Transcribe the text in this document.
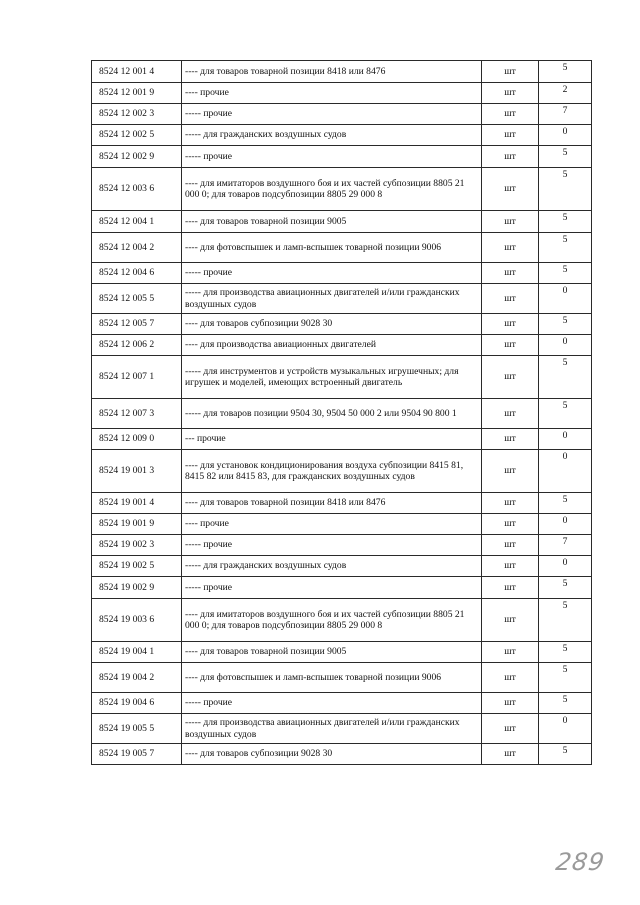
8524 12 001 4	---- для товаров товарной позиции 8418 или 8476	шт	5
8524 12 001 9	---- прочие	шт	2
8524 12 002 3	----- прочие	шт	7
8524 12 002 5	----- для гражданских воздушных судов	шт	0
8524 12 002 9	----- прочие	шт	5
8524 12 003 6	---- для имитаторов воздушного боя и их частей субпозиции 8805 21 000 0; для товаров подсубпозиции 8805 29 000 8	шт	5
8524 12 004 1	---- для товаров товарной позиции 9005	шт	5
8524 12 004 2	---- для фотовспышек и ламп-вспышек товарной позиции 9006	шт	5
8524 12 004 6	----- прочие	шт	5
8524 12 005 5	----- для производства авиационных двигателей и/или гражданских воздушных судов	шт	0
8524 12 005 7	---- для товаров субпозиции 9028 30	шт	5
8524 12 006 2	---- для производства авиационных двигателей	шт	0
8524 12 007 1	----- для инструментов и устройств музыкальных игрушечных; для игрушек и моделей, имеющих встроенный двигатель	шт	5
8524 12 007 3	----- для товаров позиции 9504 30, 9504 50 000 2 или 9504 90 800 1	шт	5
8524 12 009 0	--- прочие	шт	0
8524 19 001 3	---- для установок кондиционирования воздуха субпозиции 8415 81, 8415 82 или 8415 83, для гражданских воздушных судов	шт	0
8524 19 001 4	---- для товаров товарной позиции 8418 или 8476	шт	5
8524 19 001 9	---- прочие	шт	0
8524 19 002 3	----- прочие	шт	7
8524 19 002 5	----- для гражданских воздушных судов	шт	0
8524 19 002 9	----- прочие	шт	5
8524 19 003 6	---- для имитаторов воздушного боя и их частей субпозиции 8805 21 000 0; для товаров подсубпозиции 8805 29 000 8	шт	5
8524 19 004 1	---- для товаров товарной позиции 9005	шт	5
8524 19 004 2	---- для фотовспышек и ламп-вспышек товарной позиции 9006	шт	5
8524 19 004 6	----- прочие	шт	5
8524 19 005 5	----- для производства авиационных двигателей и/или гражданских воздушных судов	шт	0
8524 19 005 7	---- для товаров субпозиции 9028 30	шт	5
289
